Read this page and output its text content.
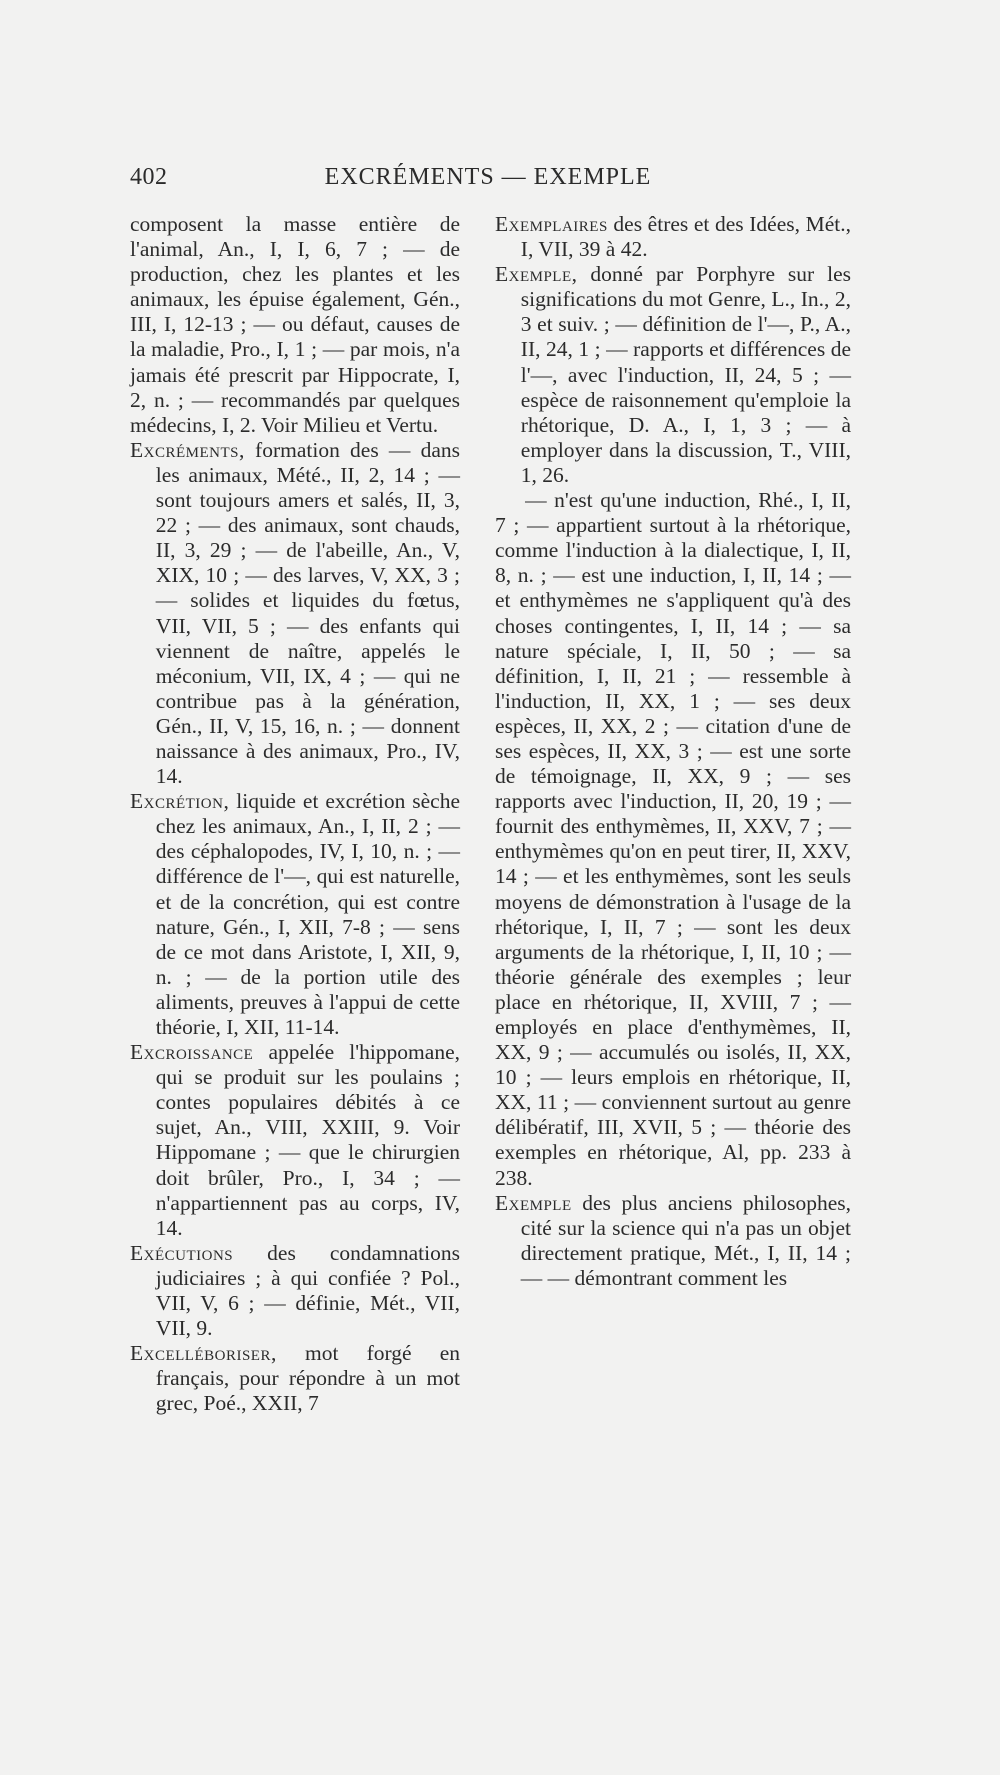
402	EXCRÉMENTS — EXEMPLE

composent la masse entière de l'animal, An., I, I, 6, 7 ; — de production, chez les plantes et les animaux, les épuise également, Gén., III, I, 12-13 ; — ou défaut, causes de la maladie, Pro., I, 1 ; — par mois, n'a jamais été prescrit par Hippocrate, I, 2, n. ; — recommandés par quelques médecins, I, 2. Voir Milieu et Vertu.

Excréments, formation des — dans les animaux, Mété., II, 2, 14 ; — sont toujours amers et salés, II, 3, 22 ; — des animaux, sont chauds, II, 3, 29 ; — de l'abeille, An., V, XIX, 10 ; — des larves, V, XX, 3 ; — solides et liquides du fœtus, VII, VII, 5 ; — des enfants qui viennent de naître, appelés le méconium, VII, IX, 4 ; — qui ne contribue pas à la génération, Gén., II, V, 15, 16, n. ; — donnent naissance à des animaux, Pro., IV, 14.

Excrétion, liquide et excrétion sèche chez les animaux, An., I, II, 2 ; — des céphalopodes, IV, I, 10, n. ; — différence de l'—, qui est naturelle, et de la concrétion, qui est contre nature, Gén., I, XII, 7-8 ; — sens de ce mot dans Aristote, I, XII, 9, n. ; — de la portion utile des aliments, preuves à l'appui de cette théorie, I, XII, 11-14.

Excroissance appelée l'hippomane, qui se produit sur les poulains ; contes populaires débités à ce sujet, An., VIII, XXIII, 9. Voir Hippomane ; — que le chirurgien doit brûler, Pro., I, 34 ; — n'appartiennent pas au corps, IV, 14.

Exécutions des condamnations judiciaires ; à qui confiée ? Pol., VII, V, 6 ; — définie, Mét., VII, VII, 9.

Excelléboriser, mot forgé en français, pour répondre à un mot grec, Poé., XXII, 7

Exemplaires des êtres et des Idées, Mét., I, VII, 39 à 42.

Exemple, donné par Porphyre sur les significations du mot Genre, L., In., 2, 3 et suiv. ; — définition de l'—, P., A., II, 24, 1 ; — rapports et différences de l'—, avec l'induction, II, 24, 5 ; — espèce de raisonnement qu'emploie la rhétorique, D. A., I, 1, 3 ; — à employer dans la discussion, T., VIII, 1, 26.

— n'est qu'une induction, Rhé., I, II, 7 ; — appartient surtout à la rhétorique, comme l'induction à la dialectique, I, II, 8, n. ; — est une induction, I, II, 14 ; — et enthymèmes ne s'appliquent qu'à des choses contingentes, I, II, 14 ; — sa nature spéciale, I, II, 50 ; — sa définition, I, II, 21 ; — ressemble à l'induction, II, XX, 1 ; — ses deux espèces, II, XX, 2 ; — citation d'une de ses espèces, II, XX, 3 ; — est une sorte de témoignage, II, XX, 9 ; — ses rapports avec l'induction, II, 20, 19 ; — fournit des enthymèmes, II, XXV, 7 ; — enthymèmes qu'on en peut tirer, II, XXV, 14 ; — et les enthymèmes, sont les seuls moyens de démonstration à l'usage de la rhétorique, I, II, 7 ; — sont les deux arguments de la rhétorique, I, II, 10 ; — théorie générale des exemples ; leur place en rhétorique, II, XVIII, 7 ; — employés en place d'enthymèmes, II, XX, 9 ; — accumulés ou isolés, II, XX, 10 ; — leurs emplois en rhétorique, II, XX, 11 ; — conviennent surtout au genre délibératif, III, XVII, 5 ; — théorie des exemples en rhétorique, Al, pp. 233 à 238.

Exemple des plus anciens philosophes, cité sur la science qui n'a pas un objet directement pratique, Mét., I, II, 14 ; — — démontrant comment les
